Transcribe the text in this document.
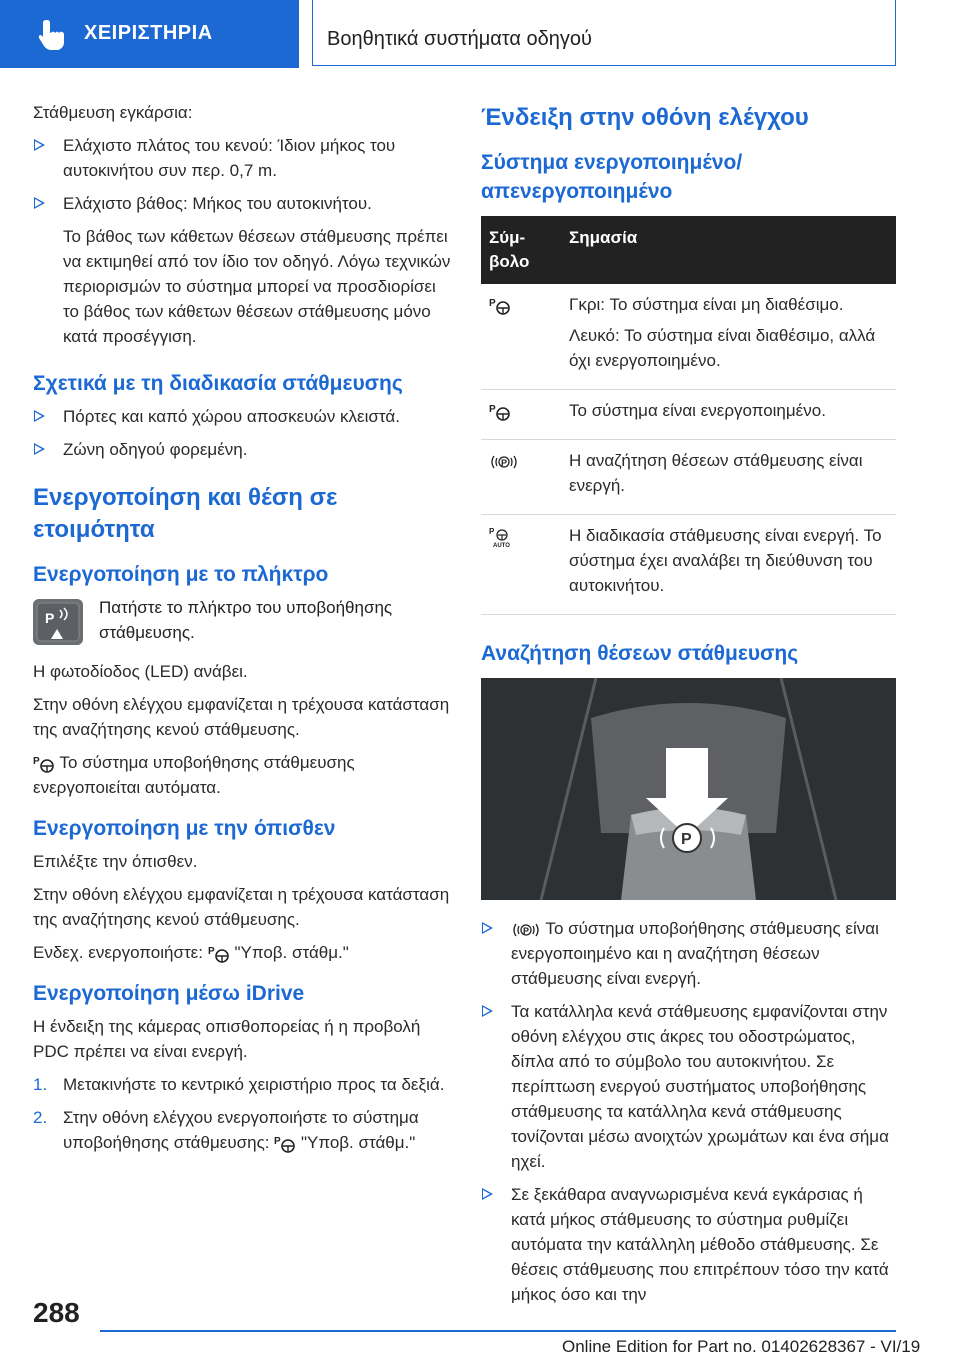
ΧΕΙΡΙΣΤΗΡΙΑ	Βοηθητικά συστήματα οδηγού

Στάθμευση εγκάρσια:

Ελάχιστο πλάτος του κενού: Ίδιον μήκος του αυτοκινήτου συν περ. 0,7 m.
Ελάχιστο βάθος: Μήκος του αυτοκινήτου.

Το βάθος των κάθετων θέσεων στάθμευσης πρέπει να εκτιμηθεί από τον ίδιο τον οδηγό. Λόγω τεχνικών περιορισμών το σύστημα μπορεί να προσδιορίσει το βάθος των κάθετων θέσεων στάθμευσης μόνο κατά προσέγγιση.

Σχετικά με τη διαδικασία στάθμευσης
Πόρτες και καπό χώρου αποσκευών κλειστά.
Ζώνη οδηγού φορεμένη.
Ενεργοποίηση και θέση σε ετοιμότητα
Ενεργοποίηση με το πλήκτρο
P
Πατήστε το πλήκτρο του υποβοήθησης στάθμευσης.

Η φωτοδίοδος (LED) ανάβει.

Στην οθόνη ελέγχου εμφανίζεται η τρέχουσα κατάσταση της αναζήτησης κενού στάθμευσης.

P Το σύστημα υποβοήθησης στάθμευσης ενεργοποιείται αυτόματα.

Ενεργοποίηση με την όπισθεν

Επιλέξτε την όπισθεν.

Στην οθόνη ελέγχου εμφανίζεται η τρέχουσα κατάσταση της αναζήτησης κενού στάθμευσης.

Ενδεχ. ενεργοποιήστε: P "Υποβ. στάθμ."

Ενεργοποίηση μέσω iDrive

Η ένδειξη της κάμερας οπισθοπορείας ή η προβολή PDC πρέπει να είναι ενεργή.

1. Μετακινήστε το κεντρικό χειριστήριο προς τα δεξιά.
2. Στην οθόνη ελέγχου ενεργοποιήστε το σύστημα υποβοήθησης στάθμευσης: P "Υποβ. στάθμ."
Ένδειξη στην οθόνη ελέγχου
Σύστημα ενεργοποιημένο/ απενεργοποιημένο
Σύμβολο	Σημασία

P	Γκρι: Το σύστημα είναι μη διαθέσιμο.

Λευκό: Το σύστημα είναι διαθέσιμο, αλλά όχι ενεργοποιημένο.

P	Το σύστημα είναι ενεργοποιημένο.

P	Η αναζήτηση θέσεων στάθμευσης είναι ενεργή.

P
AUTO	Η διαδικασία στάθμευσης είναι ενεργή. Το σύστημα έχει αναλάβει τη διεύθυνση του αυτοκινήτου.

Αναζήτηση θέσεων στάθμευσης
P
P Το σύστημα υποβοήθησης στάθμευσης είναι ενεργοποιημένο και η αναζήτηση θέσεων στάθμευσης είναι ενεργή.
Τα κατάλληλα κενά στάθμευσης εμφανίζονται στην οθόνη ελέγχου στις άκρες του οδοστρώματος, δίπλα από το σύμβολο του αυτοκινήτου. Σε περίπτωση ενεργού συστήματος υποβοήθησης στάθμευσης τα κατάλληλα κενά στάθμευσης τονίζονται μέσω ανοιχτών χρωμάτων και ένα σήμα ηχεί.
Σε ξεκάθαρα αναγνωρισμένα κενά εγκάρσιας ή κατά μήκος στάθμευσης το σύστημα ρυθμίζει αυτόματα την κατάλληλη μέθοδο στάθμευσης. Σε θέσεις στάθμευσης που επιτρέπουν τόσο την κατά μήκος όσο και την
288
Online Edition for Part no. 01402628367 - VI/19
